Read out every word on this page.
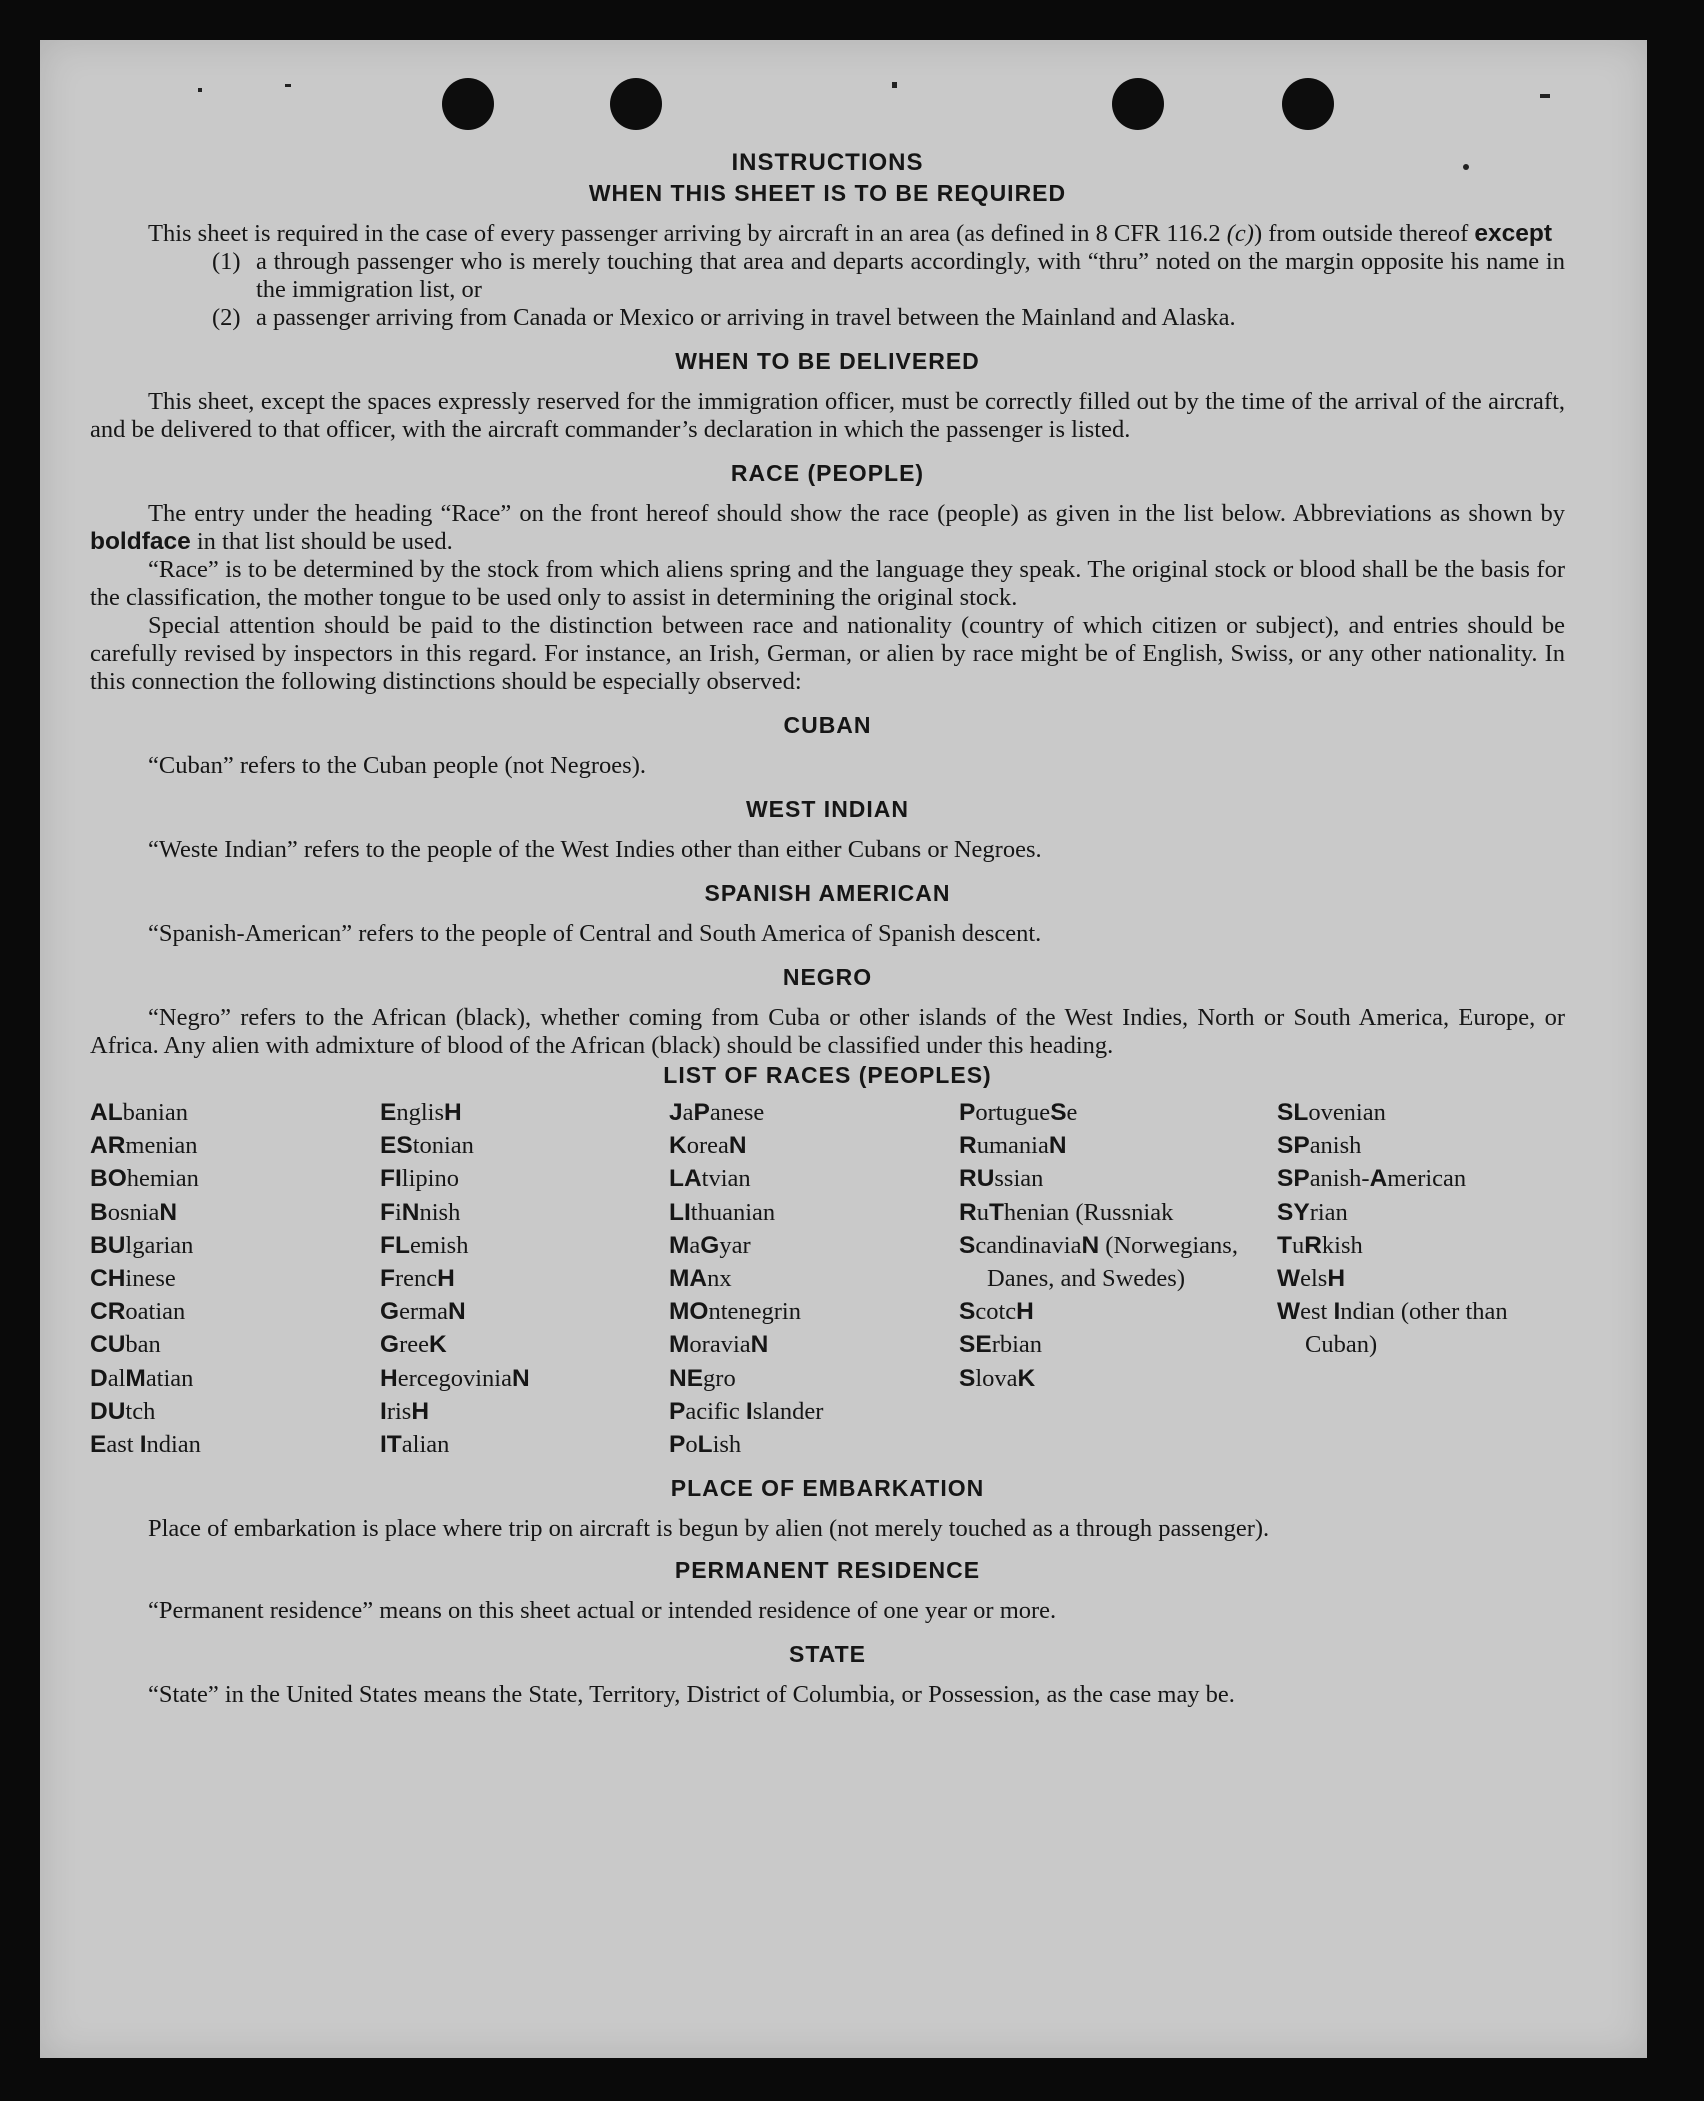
INSTRUCTIONS
WHEN THIS SHEET IS TO BE REQUIRED

This sheet is required in the case of every passenger arriving by aircraft in an area (as defined in 8 CFR 116.2 (c)) from outside thereof except

(1) a through passenger who is merely touching that area and departs accordingly, with “thru” noted on the margin opposite his name in the immigration list, or
(2) a passenger arriving from Canada or Mexico or arriving in travel between the Mainland and Alaska.
WHEN TO BE DELIVERED

This sheet, except the spaces expressly reserved for the immigration officer, must be correctly filled out by the time of the arrival of the aircraft, and be delivered to that officer, with the aircraft commander’s declaration in which the passenger is listed.

RACE (PEOPLE)

The entry under the heading “Race” on the front hereof should show the race (people) as given in the list below. Abbreviations as shown by boldface in that list should be used.

“Race” is to be determined by the stock from which aliens spring and the language they speak. The original stock or blood shall be the basis for the classification, the mother tongue to be used only to assist in determining the original stock.

Special attention should be paid to the distinction between race and nationality (country of which citizen or subject), and entries should be carefully revised by inspectors in this regard. For instance, an Irish, German, or alien by race might be of English, Swiss, or any other nationality. In this connection the following distinctions should be especially observed:

CUBAN

“Cuban” refers to the Cuban people (not Negroes).

WEST INDIAN

“Weste Indian” refers to the people of the West Indies other than either Cubans or Negroes.

SPANISH AMERICAN

“Spanish-American” refers to the people of Central and South America of Spanish descent.

NEGRO

“Negro” refers to the African (black), whether coming from Cuba or other islands of the West Indies, North or South America, Europe, or Africa. Any alien with admixture of blood of the African (black) should be classified under this heading.

LIST OF RACES (PEOPLES)
ALbanian
ARmenian
BOhemian
BosniaN
BUlgarian
CHinese
CRoatian
CUban
DalMatian
DUtch
East Indian
EnglisH
EStonian
FIlipino
FiNnish
FLemish
FrencH
GermaN
GreeK
HercegoviniaN
IrisH
ITalian
JaPanese
KoreaN
LAtvian
LIthuanian
MaGyar
MAnx
MOntenegrin
MoraviaN
NEgro
Pacific Islander
PoLish
PortugueSe
RumaniaN
RUssian
RuThenian (Russniak
ScandinaviaN (Norwegians, Danes, and Swedes)
ScotcH
SErbian
SlovaK
SLovenian
SPanish
SPanish-American
SYrian
TuRkish
WelsH
West Indian (other than Cuban)
PLACE OF EMBARKATION

Place of embarkation is place where trip on aircraft is begun by alien (not merely touched as a through passenger).

PERMANENT RESIDENCE

“Permanent residence” means on this sheet actual or intended residence of one year or more.

STATE

“State” in the United States means the State, Territory, District of Columbia, or Possession, as the case may be.
